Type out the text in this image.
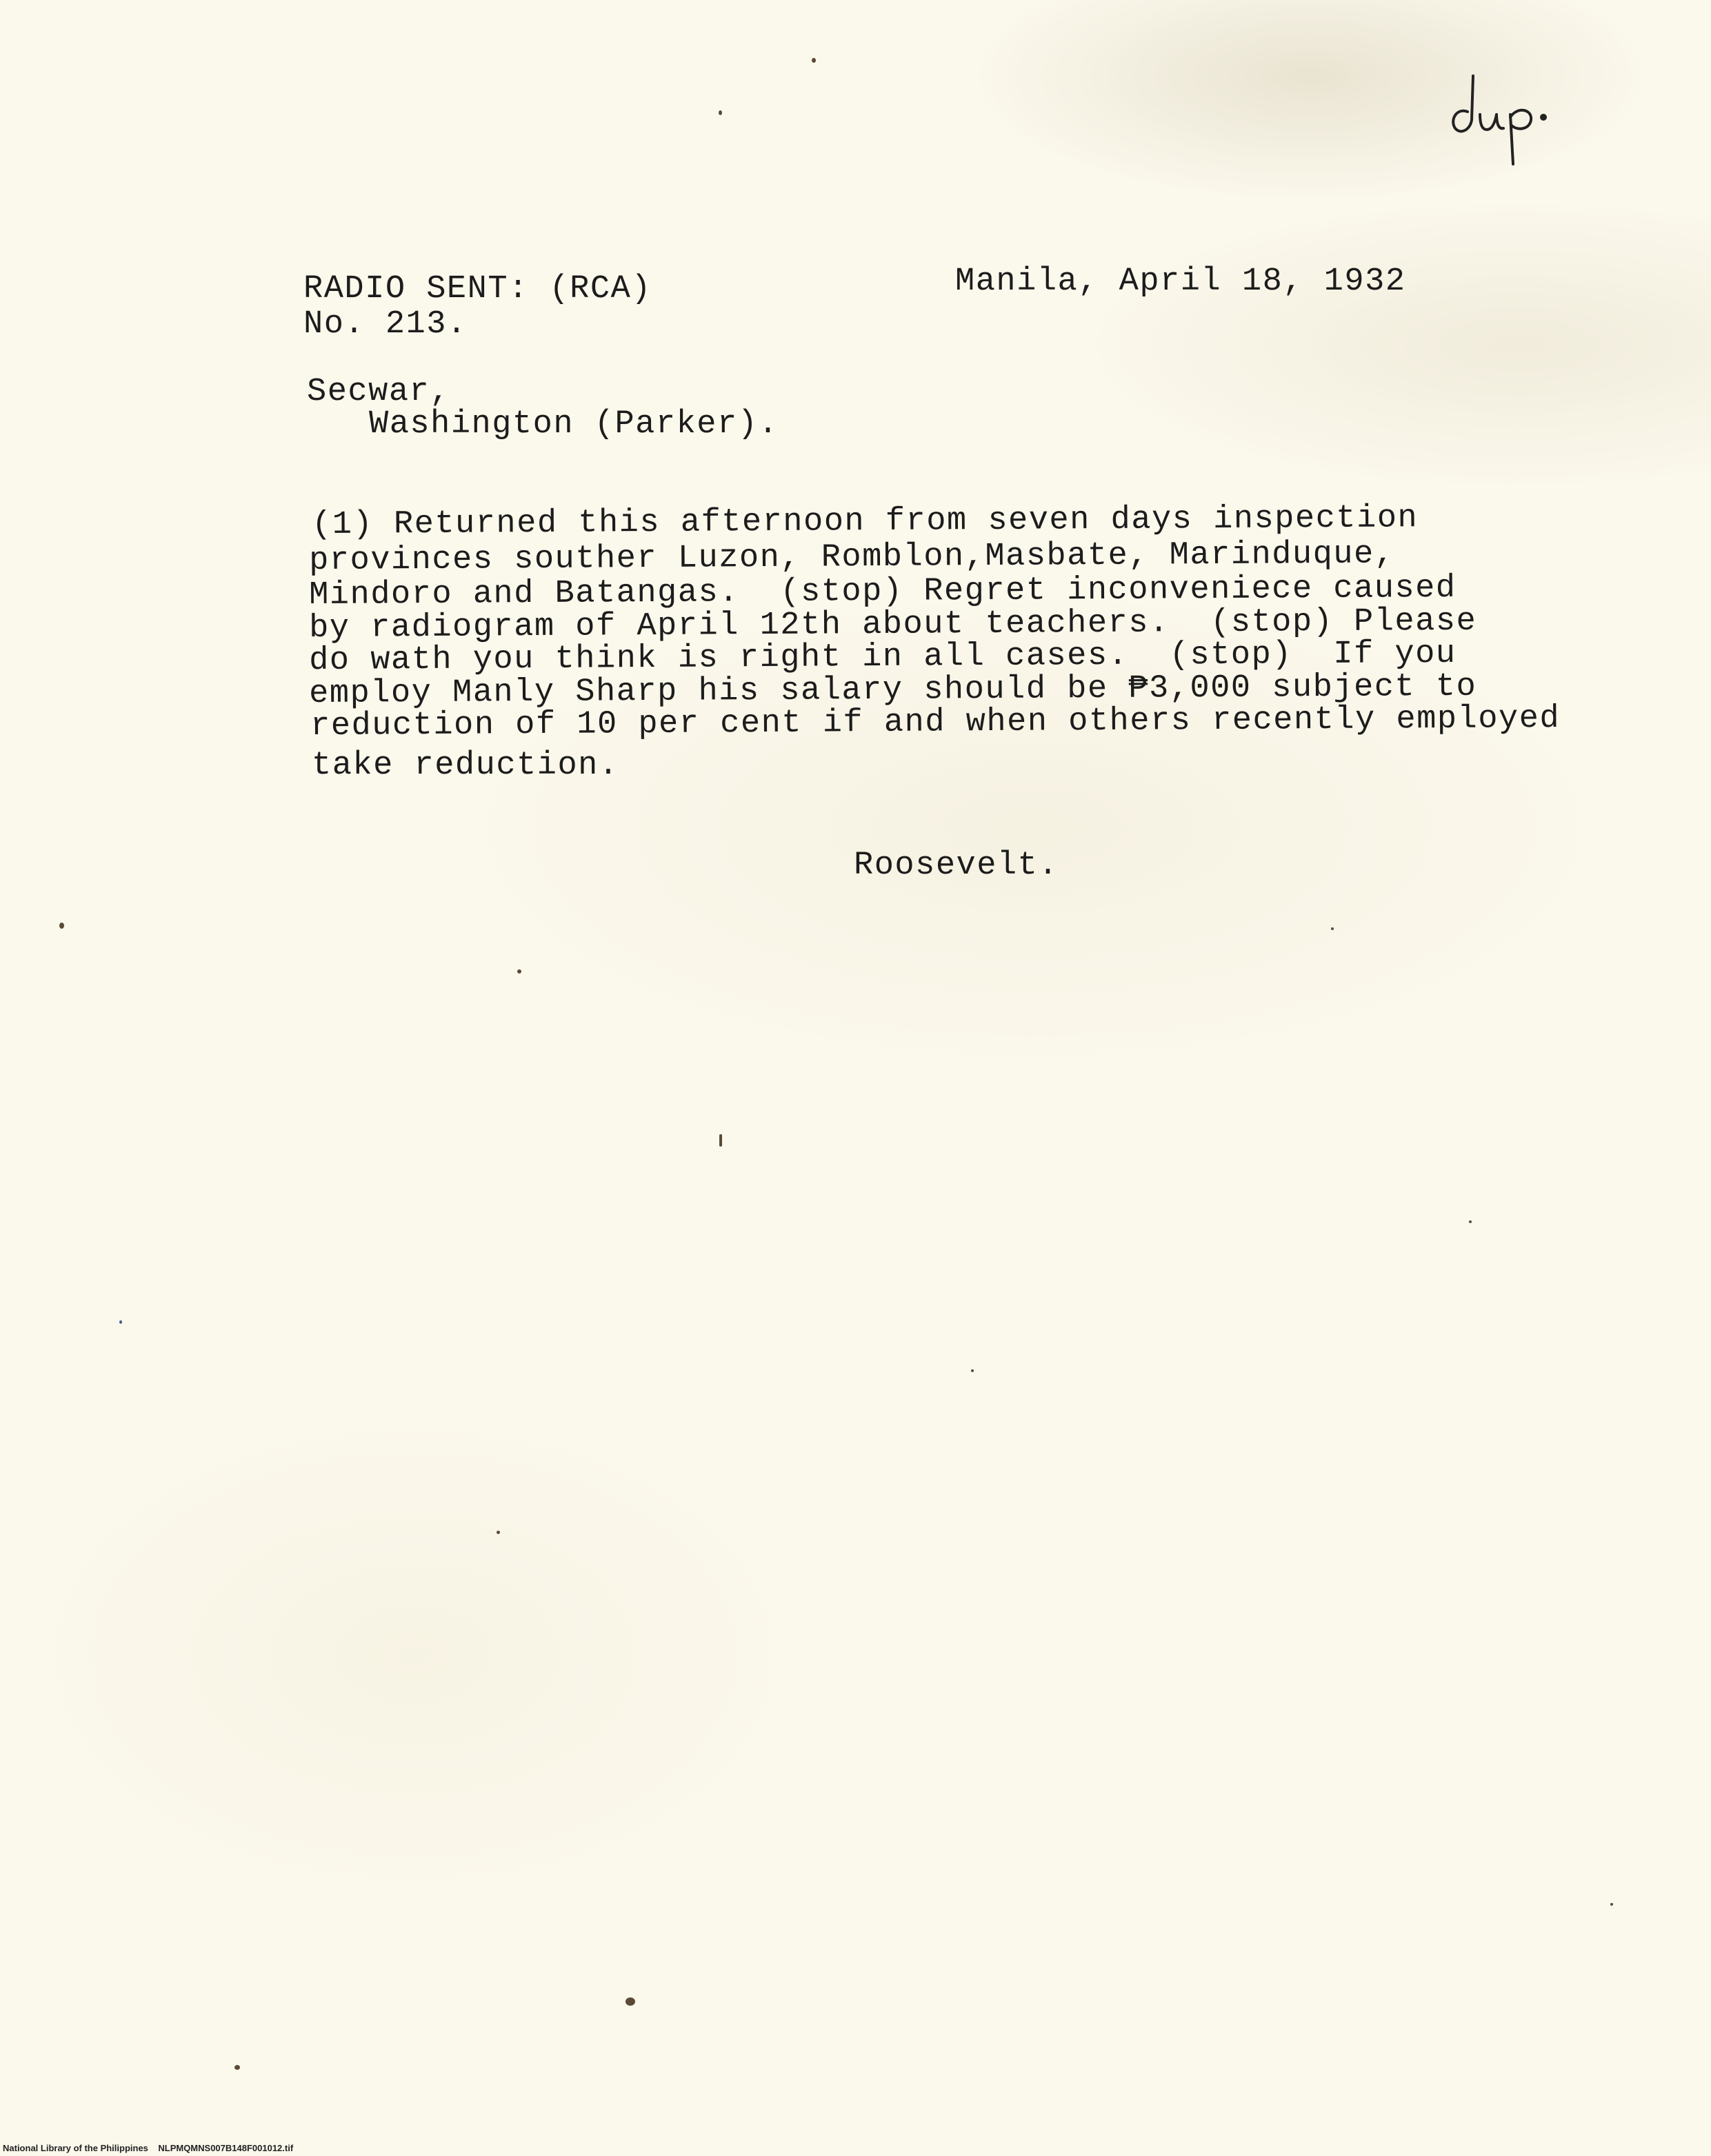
RADIO SENT: (RCA)

No. 213.

Manila, April 18, 1932

Secwar,

Washington (Parker).

(1) Returned this afternoon from seven days inspection

provinces souther Luzon, Romblon,Masbate, Marinduque,

Mindoro and Batangas.  (stop) Regret inconveniece caused

by radiogram of April 12th about teachers.  (stop) Please

do wath you think is right in all cases.  (stop)  If you

employ Manly Sharp his salary should be ₱3,000 subject to

reduction of 10 per cent if and when others recently employed

take reduction.

Roosevelt.

National Library of the Philippines    NLPMQMNS007B148F001012.tif
